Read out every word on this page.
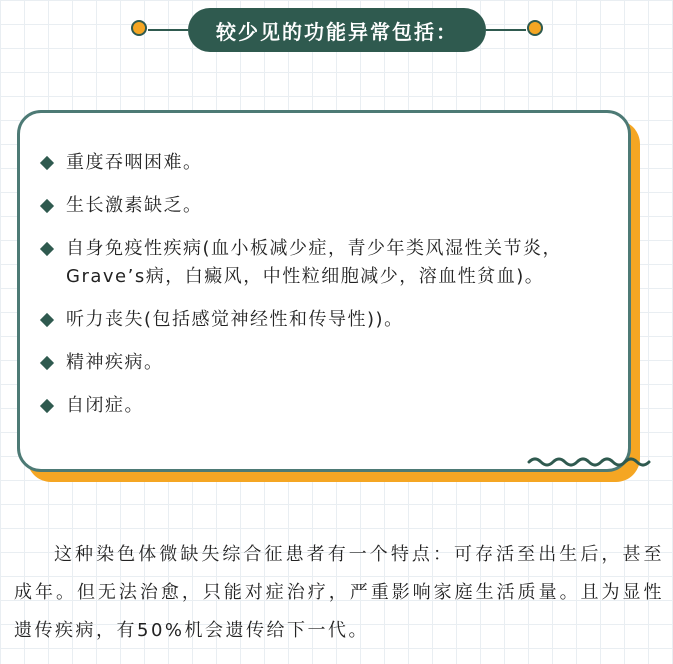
较少见的功能异常包括：
重度吞咽困难。
生长激素缺乏。
自身免疫性疾病(血小板减少症，青少年类风湿性关节炎，Grave’s病，白癜风，中性粒细胞减少，溶血性贫血)。
听力丧失(包括感觉神经性和传导性))。
精神疾病。
自闭症。

这种染色体微缺失综合征患者有一个特点：可存活至出生后，甚至成年。但无法治愈，只能对症治疗，严重影响家庭生活质量。且为显性遗传疾病，有50%机会遗传给下一代。
